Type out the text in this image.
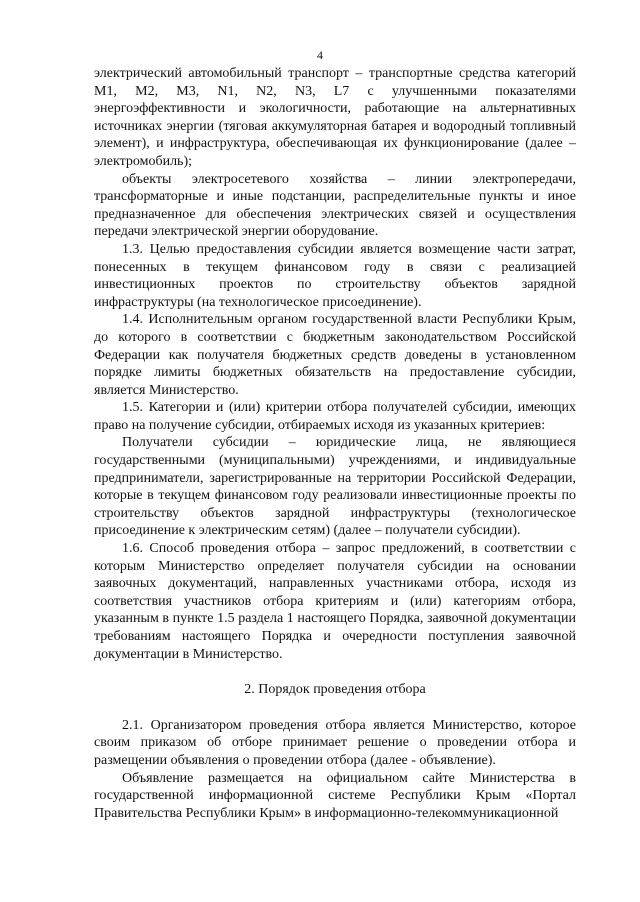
4

электрический автомобильный транспорт – транспортные средства категорий M1, M2, M3, N1, N2, N3, L7 с улучшенными показателями энергоэффективности и экологичности, работающие на альтернативных источниках энергии (тяговая аккумуляторная батарея и водородный топливный элемент), и инфраструктура, обеспечивающая их функционирование (далее – электромобиль);

объекты электросетевого хозяйства – линии электропередачи, трансформаторные и иные подстанции, распределительные пункты и иное предназначенное для обеспечения электрических связей и осуществления передачи электрической энергии оборудование.

1.3. Целью предоставления субсидии является возмещение части затрат, понесенных в текущем финансовом году в связи с реализацией инвестиционных проектов по строительству объектов зарядной инфраструктуры (на технологическое присоединение).

1.4. Исполнительным органом государственной власти Республики Крым, до которого в соответствии с бюджетным законодательством Российской Федерации как получателя бюджетных средств доведены в установленном порядке лимиты бюджетных обязательств на предоставление субсидии, является Министерство.

1.5. Категории и (или) критерии отбора получателей субсидии, имеющих право на получение субсидии, отбираемых исходя из указанных критериев:

Получатели субсидии – юридические лица, не являющиеся государственными (муниципальными) учреждениями, и индивидуальные предприниматели, зарегистрированные на территории Российской Федерации, которые в текущем финансовом году реализовали инвестиционные проекты по строительству объектов зарядной инфраструктуры (технологическое присоединение к электрическим сетям) (далее – получатели субсидии).

1.6. Способ проведения отбора – запрос предложений, в соответствии с которым Министерство определяет получателя субсидии на основании заявочных документаций, направленных участниками отбора, исходя из соответствия участников отбора критериям и (или) категориям отбора, указанным в пункте 1.5 раздела 1 настоящего Порядка, заявочной документации требованиям настоящего Порядка и очередности поступления заявочной документации в Министерство.

2. Порядок проведения отбора

2.1. Организатором проведения отбора является Министерство, которое своим приказом об отборе принимает решение о проведении отбора и размещении объявления о проведении отбора (далее - объявление).

Объявление размещается на официальном сайте Министерства в государственной информационной системе Республики Крым «Портал Правительства Республики Крым» в информационно-телекоммуникационной
